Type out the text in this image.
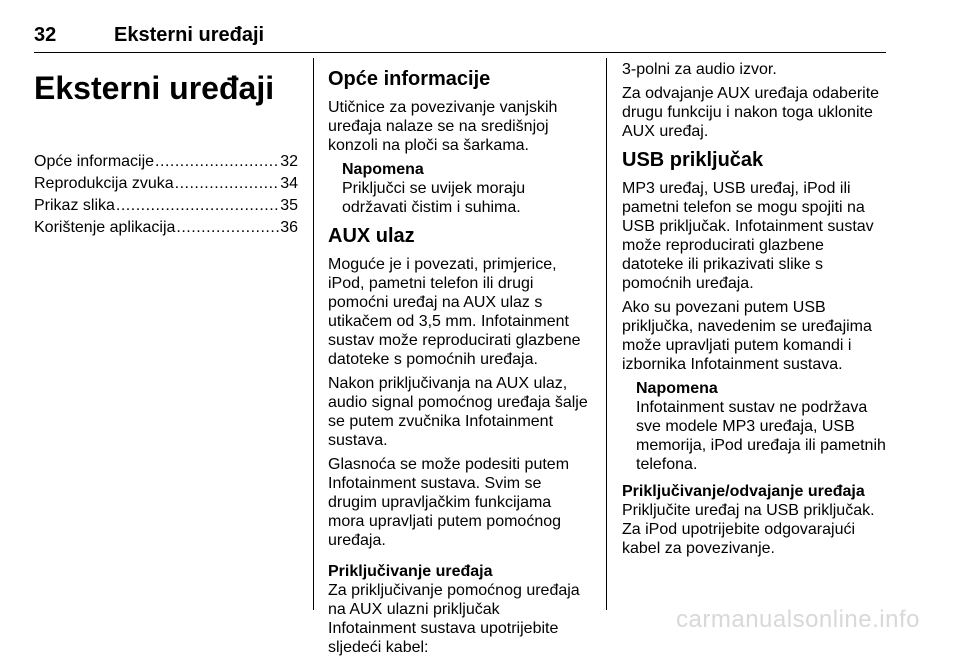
32	Eksterni uređaji
Eksterni uređaji
Opće informacije .....	32
Reprodukcija zvuka .....	34
Prikaz slika .....	35
Korištenje aplikacija .....	36
Opće informacije

Utičnice za povezivanje vanjskih uređaja nalaze se na središnjoj konzoli na ploči sa šarkama.

Napomena
Priključci se uvijek moraju održavati čistim i suhima.
AUX ulaz

Moguće je i povezati, primjerice, iPod, pametni telefon ili drugi pomoćni uređaj na AUX ulaz s utikačem od 3,5 mm. Infotainment sustav može reproducirati glazbene datoteke s pomoćnih uređaja.

Nakon priključivanja na AUX ulaz, audio signal pomoćnog uređaja šalje se putem zvučnika Infotainment sustava.

Glasnoća se može podesiti putem Infotainment sustava. Svim se drugim upravljačkim funkcijama mora upravljati putem pomoćnog uređaja.

Priključivanje uređaja

Za priključivanje pomoćnog uređaja na AUX ulazni priključak Infotainment sustava upotrijebite sljedeći kabel:

3-polni za audio izvor.

Za odvajanje AUX uređaja odaberite drugu funkciju i nakon toga uklonite AUX uređaj.

USB priključak

MP3 uređaj, USB uređaj, iPod ili pametni telefon se mogu spojiti na USB priključak. Infotainment sustav može reproducirati glazbene datoteke ili prikazivati slike s pomoćnih uređaja.

Ako su povezani putem USB priključka, navedenim se uređajima može upravljati putem komandi i izbornika Infotainment sustava.

Napomena
Infotainment sustav ne podržava sve modele MP3 uređaja, USB memorija, iPod uređaja ili pametnih telefona.
Priključivanje/odvajanje uređaja

Priključite uređaj na USB priključak. Za iPod upotrijebite odgovarajući kabel za povezivanje.

carmanualsonline.info
